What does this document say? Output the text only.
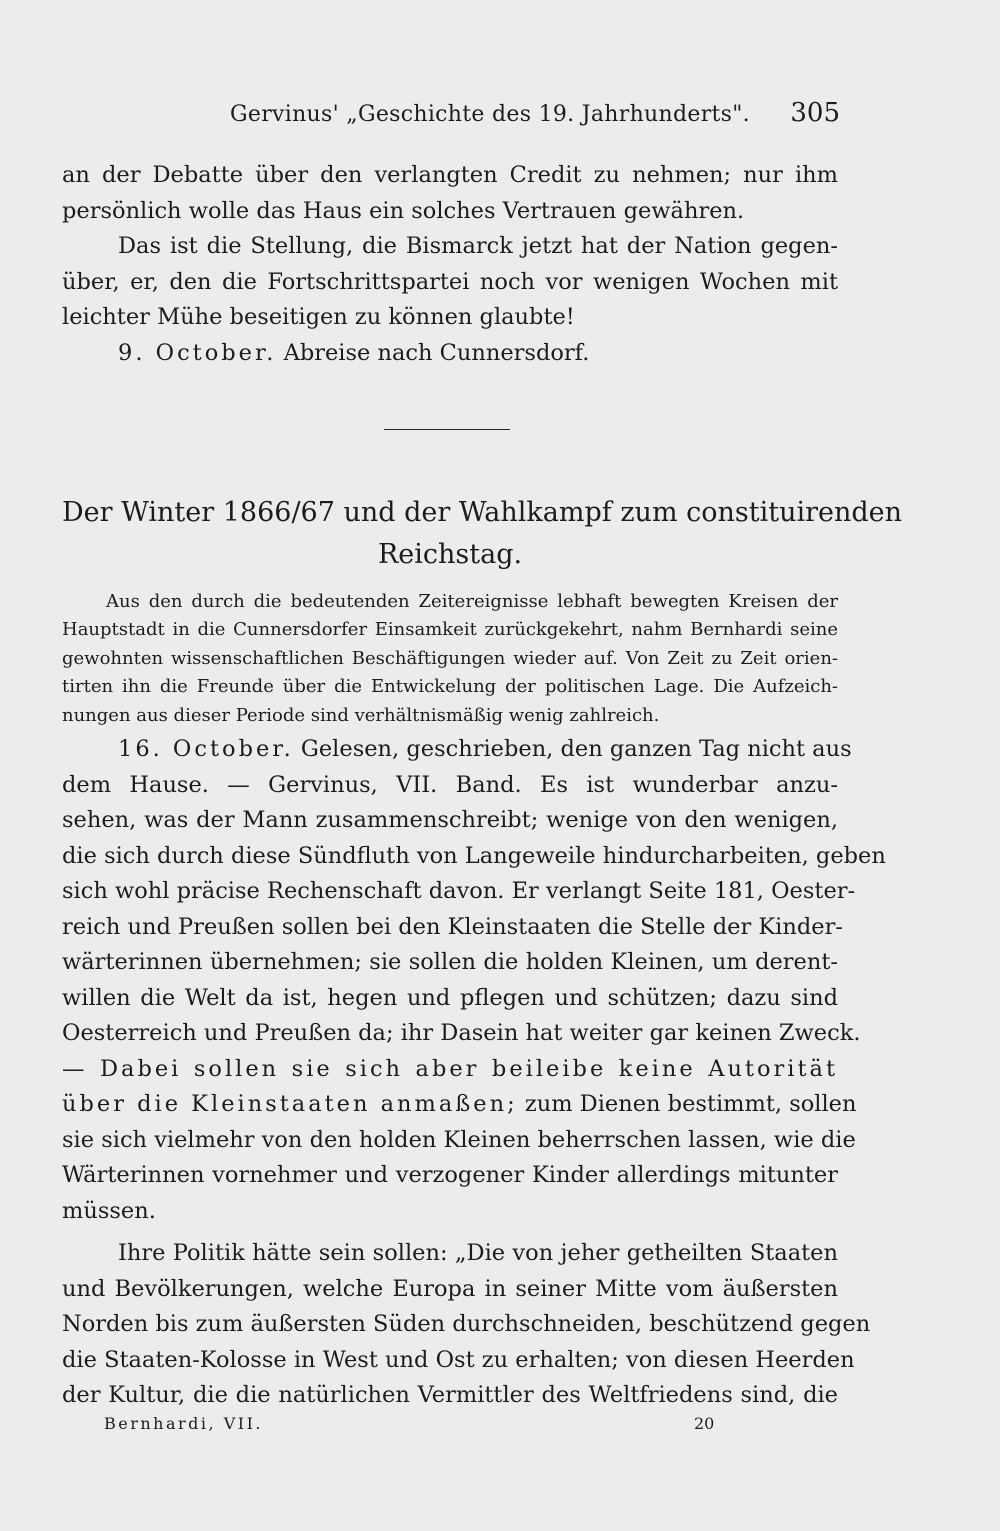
Gervinus' „Geschichte des 19. Jahrhunderts". 305
an der Debatte über den verlangten Credit zu nehmen; nur ihm
persönlich wolle das Haus ein solches Vertrauen gewähren.
Das ist die Stellung, die Bismarck jetzt hat der Nation gegen-
über, er, den die Fortschrittspartei noch vor wenigen Wochen mit
leichter Mühe beseitigen zu können glaubte!
9. October. Abreise nach Cunnersdorf.
Der Winter 1866/67 und der Wahlkampf zum constituirenden
Reichstag.
Aus den durch die bedeutenden Zeitereignisse lebhaft bewegten Kreisen der
Hauptstadt in die Cunnersdorfer Einsamkeit zurückgekehrt, nahm Bernhardi seine
gewohnten wissenschaftlichen Beschäftigungen wieder auf. Von Zeit zu Zeit orien-
tirten ihn die Freunde über die Entwickelung der politischen Lage. Die Aufzeich-
nungen aus dieser Periode sind verhältnismäßig wenig zahlreich.
16. October. Gelesen, geschrieben, den ganzen Tag nicht aus
dem Hause. — Gervinus, VII. Band. Es ist wunderbar anzu-
sehen, was der Mann zusammenschreibt; wenige von den wenigen,
die sich durch diese Sündfluth von Langeweile hindurcharbeiten, geben
sich wohl präcise Rechenschaft davon. Er verlangt Seite 181, Oester-
reich und Preußen sollen bei den Kleinstaaten die Stelle der Kinder-
wärterinnen übernehmen; sie sollen die holden Kleinen, um derent-
willen die Welt da ist, hegen und pflegen und schützen; dazu sind
Oesterreich und Preußen da; ihr Dasein hat weiter gar keinen Zweck.
— Dabei sollen sie sich aber beileibe keine Autorität
über die Kleinstaaten anmaßen; zum Dienen bestimmt, sollen
sie sich vielmehr von den holden Kleinen beherrschen lassen, wie die
Wärterinnen vornehmer und verzogener Kinder allerdings mitunter
müssen.
Ihre Politik hätte sein sollen: „Die von jeher getheilten Staaten
und Bevölkerungen, welche Europa in seiner Mitte vom äußersten
Norden bis zum äußersten Süden durchschneiden, beschützend gegen
die Staaten-Kolosse in West und Ost zu erhalten; von diesen Heerden
der Kultur, die die natürlichen Vermittler des Weltfriedens sind, die
Bernhardi, VII.	20
